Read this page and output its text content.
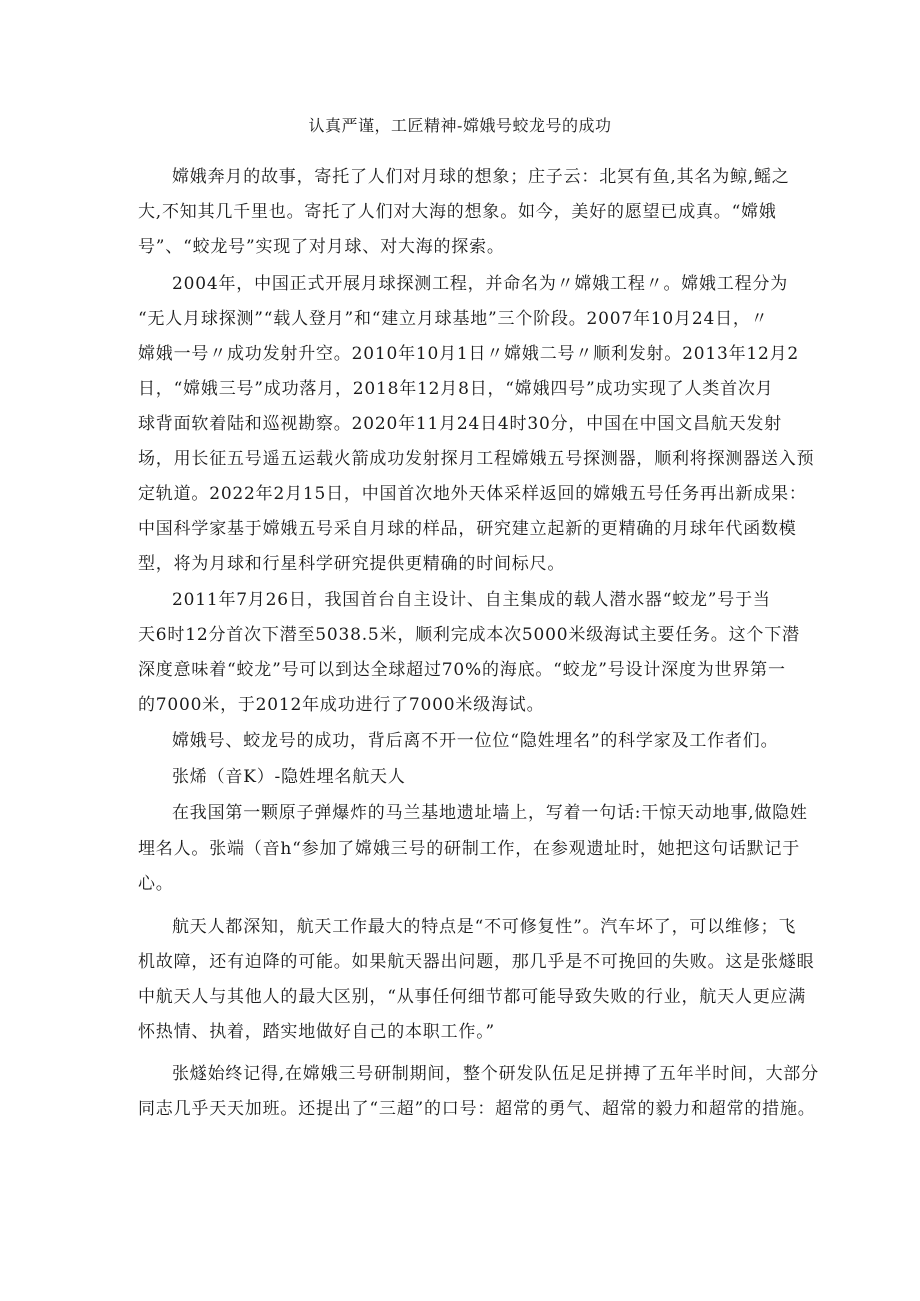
认真严谨，工匠精神-嫦娥号蛟龙号的成功

嫦娥奔月的故事，寄托了人们对月球的想象；庄子云：北冥有鱼,其名为鲸,鳐之

大,不知其几千里也。寄托了人们对大海的想象。如今，美好的愿望已成真。“嫦娥

号”、“蛟龙号”实现了对月球、对大海的探索。

2004年，中国正式开展月球探测工程，并命名为〃嫦娥工程〃。嫦娥工程分为

“无人月球探测”“载人登月”和“建立月球基地”三个阶段。2007年10月24日，〃

嫦娥一号〃成功发射升空。2010年10月1日〃嫦娥二号〃顺利发射。2013年12月2

日，“嫦娥三号”成功落月，2018年12月8日，“嫦娥四号”成功实现了人类首次月

球背面软着陆和巡视勘察。2020年11月24日4时30分，中国在中国文昌航天发射

场，用长征五号遥五运载火箭成功发射探月工程嫦娥五号探测器，顺利将探测器送入预

定轨道。2022年2月15日，中国首次地外天体采样返回的嫦娥五号任务再出新成果：

中国科学家基于嫦娥五号采自月球的样品，研究建立起新的更精确的月球年代函数模

型，将为月球和行星科学研究提供更精确的时间标尺。

2011年7月26日，我国首台自主设计、自主集成的载人潜水器“蛟龙”号于当

天6时12分首次下潜至5038.5米，顺利完成本次5000米级海试主要任务。这个下潜

深度意味着“蛟龙”号可以到达全球超过70%的海底。“蛟龙”号设计深度为世界第一

的7000米，于2012年成功进行了7000米级海试。

嫦娥号、蛟龙号的成功，背后离不开一位位“隐姓埋名”的科学家及工作者们。

张烯（音K）-隐姓埋名航天人

在我国第一颗原子弹爆炸的马兰基地遗址墙上，写着一句话:干惊天动地事,做隐姓

埋名人。张端（音h“参加了嫦娥三号的研制工作，在参观遗址时，她把这句话默记于

心。

航天人都深知，航天工作最大的特点是“不可修复性”。汽车坏了，可以维修；飞

机故障，还有迫降的可能。如果航天器出问题，那几乎是不可挽回的失败。这是张燧眼

中航天人与其他人的最大区别，“从事任何细节都可能导致失败的行业，航天人更应满

怀热情、执着，踏实地做好自己的本职工作。”

张燧始终记得,在嫦娥三号研制期间，整个研发队伍足足拼搏了五年半时间，大部分

同志几乎天天加班。还提出了“三超”的口号：超常的勇气、超常的毅力和超常的措施。
